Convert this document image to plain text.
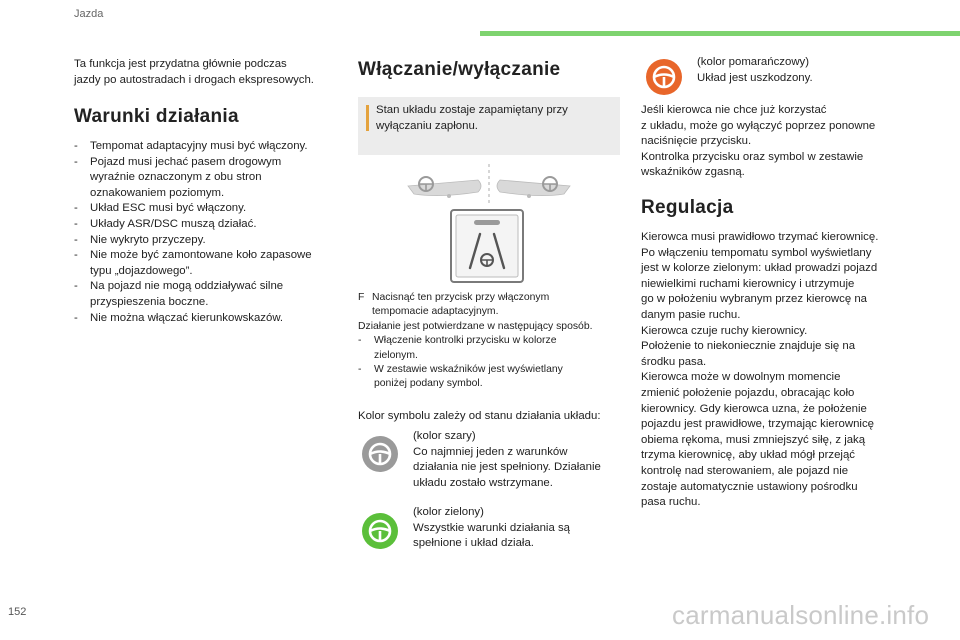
Jazda

Ta funkcja jest przydatna głównie podczas

jazdy po autostradach i drogach ekspresowych.

Warunki działania
- Tempomat adaptacyjny musi być włączony.
- Pojazd musi jechać pasem drogowym
wyraźnie oznaczonym z obu stron
oznakowaniem poziomym.
- Układ ESC musi być włączony.
- Układy ASR/DSC muszą działać.
- Nie wykryto przyczepy.
- Nie może być zamontowane koło zapasowe
typu „dojazdowego”.
- Na pojazd nie mogą oddziaływać silne
przyspieszenia boczne.
- Nie można włączać kierunkowskazów.
Włączanie/wyłączanie

Stan układu zostaje zapamiętany przy

wyłączaniu zapłonu.

F Nacisnąć ten przycisk przy włączonym
tempomacie adaptacyjnym.
Działanie jest potwierdzane w następujący sposób.
- Włączenie kontrolki przycisku w kolorze
zielonym.
- W zestawie wskaźników jest wyświetlany
poniżej podany symbol.
Kolor symbolu zależy od stanu działania układu:
(kolor szary)
Co najmniej jeden z warunków
działania nie jest spełniony. Działanie
układu zostało wstrzymane.
(kolor zielony)
Wszystkie warunki działania są
spełnione i układ działa.
(kolor pomarańczowy)
Układ jest uszkodzony.

Jeśli kierowca nie chce już korzystać

z układu, może go wyłączyć poprzez ponowne

naciśnięcie przycisku.

Kontrolka przycisku oraz symbol w zestawie

wskaźników zgasną.

Regulacja

Kierowca musi prawidłowo trzymać kierownicę.

Po włączeniu tempomatu symbol wyświetlany

jest w kolorze zielonym: układ prowadzi pojazd

niewielkimi ruchami kierownicy i utrzymuje

go w położeniu wybranym przez kierowcę na

danym pasie ruchu.

Kierowca czuje ruchy kierownicy.

Położenie to niekoniecznie znajduje się na

środku pasa.

Kierowca może w dowolnym momencie

zmienić położenie pojazdu, obracając koło

kierownicy. Gdy kierowca uzna, że położenie

pojazdu jest prawidłowe, trzymając kierownicę

obiema rękoma, musi zmniejszyć siłę, z jaką

trzyma kierownicę, aby układ mógł przejąć

kontrolę nad sterowaniem, ale pojazd nie

zostaje automatycznie ustawiony pośrodku

pasa ruchu.

152	carmanualsonline.info
